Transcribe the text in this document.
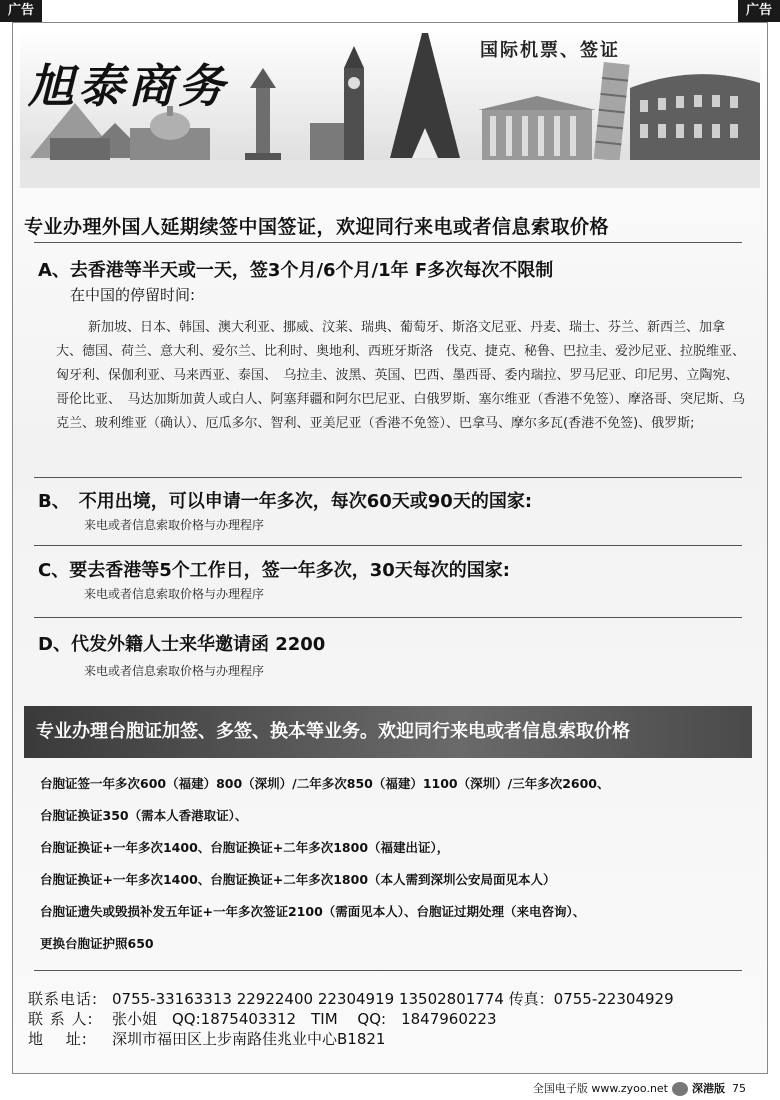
广告	广告
旭泰商务
国际机票、签证
专业办理外国人延期续签中国签证，欢迎同行来电或者信息索取价格
A、去香港等半天或一天，签3个月/6个月/1年 F多次每次不限制
在中国的停留时间:
新加坡、日本、韩国、澳大利亚、挪威、汶莱、瑞典、葡萄牙、斯洛文尼亚、丹麦、瑞士、芬兰、新西兰、加拿大、德国、荷兰、意大利、爱尔兰、比利时、奥地利、西班牙斯洛　伐克、捷克、秘鲁、巴拉圭、爱沙尼亚、拉脱维亚、匈牙利、保伽利亚、马来西亚、泰国、　乌拉圭、波黑、英国、巴西、墨西哥、委内瑞拉、罗马尼亚、印尼男、立陶宛、哥伦比亚、　马达加斯加黄人或白人、阿塞拜疆和阿尔巴尼亚、白俄罗斯、塞尔维亚（香港不免签）、摩洛哥、突尼斯、乌克兰、玻利维亚（确认）、厄瓜多尔、智利、亚美尼亚（香港不免签）、巴拿马、摩尔多瓦(香港不免签)、俄罗斯;
B、　不用出境，可以申请一年多次，每次60天或90天的国家:
来电或者信息索取价格与办理程序
C、要去香港等5个工作日，签一年多次，30天每次的国家:
来电或者信息索取价格与办理程序
D、代发外籍人士来华邀请函 2200
来电或者信息索取价格与办理程序
专业办理台胞证加签、多签、换本等业务。欢迎同行来电或者信息索取价格
台胞证签一年多次600（福建）800（深圳）/二年多次850（福建）1100（深圳）/三年多次2600、
台胞证换证350（需本人香港取证）、
台胞证换证+一年多次1400、台胞证换证+二年多次1800（福建出证），
台胞证换证+一年多次1400、台胞证换证+二年多次1800（本人需到深圳公安局面见本人）
台胞证遗失或毁损补发五年证+一年多次签证2100（需面见本人）、台胞证过期处理（来电咨询）、
更换台胞证护照650
联系电话: 0755-33163313 22922400 22304919 13502801774 传真：0755-22304929
联 系 人: 张小姐　QQ:1875403312　TIM　 QQ:　1847960223
地　 址: 深圳市福田区上步南路佳兆业中心B1821
全国电子版 www.zyoo.net 深港版 75
